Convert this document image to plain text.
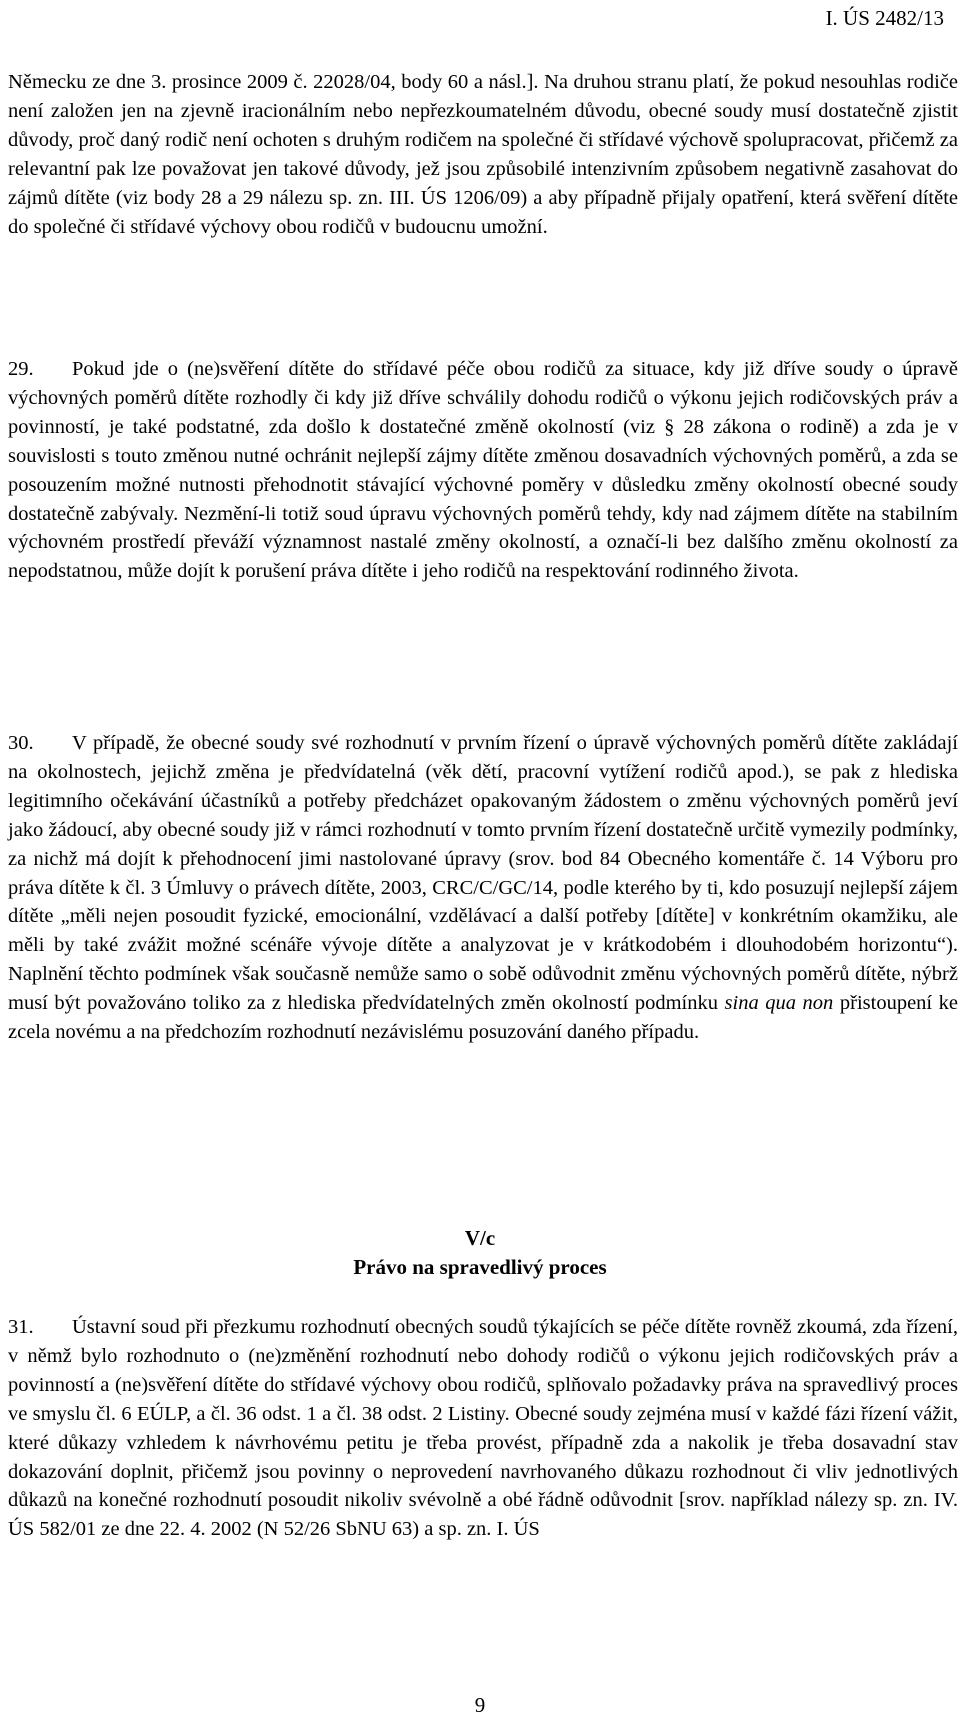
I. ÚS 2482/13
Německu ze dne 3. prosince 2009 č. 22028/04, body 60 a násl.]. Na druhou stranu platí, že pokud nesouhlas rodiče není založen jen na zjevně iracionálním nebo nepřezkoumatelném důvodu, obecné soudy musí dostatečně zjistit důvody, proč daný rodič není ochoten s druhým rodičem na společné či střídavé výchově spolupracovat, přičemž za relevantní pak lze považovat jen takové důvody, jež jsou způsobilé intenzivním způsobem negativně zasahovat do zájmů dítěte (viz body 28 a 29 nálezu sp. zn. III. ÚS 1206/09) a aby případně přijaly opatření, která svěření dítěte do společné či střídavé výchovy obou rodičů v budoucnu umožní.
29. Pokud jde o (ne)svěření dítěte do střídavé péče obou rodičů za situace, kdy již dříve soudy o úpravě výchovných poměrů dítěte rozhodly či kdy již dříve schválily dohodu rodičů o výkonu jejich rodičovských práv a povinností, je také podstatné, zda došlo k dostatečné změně okolností (viz § 28 zákona o rodině) a zda je v souvislosti s touto změnou nutné ochránit nejlepší zájmy dítěte změnou dosavadních výchovných poměrů, a zda se posouzením možné nutnosti přehodnotit stávající výchovné poměry v důsledku změny okolností obecné soudy dostatečně zabývaly. Nezmění-li totiž soud úpravu výchovných poměrů tehdy, kdy nad zájmem dítěte na stabilním výchovném prostředí převáží významnost nastalé změny okolností, a označí-li bez dalšího změnu okolností za nepodstatnou, může dojít k porušení práva dítěte i jeho rodičů na respektování rodinného života.
30. V případě, že obecné soudy své rozhodnutí v prvním řízení o úpravě výchovných poměrů dítěte zakládají na okolnostech, jejichž změna je předvídatelná (věk dětí, pracovní vytížení rodičů apod.), se pak z hlediska legitimního očekávání účastníků a potřeby předcházet opakovaným žádostem o změnu výchovných poměrů jeví jako žádoucí, aby obecné soudy již v rámci rozhodnutí v tomto prvním řízení dostatečně určitě vymezily podmínky, za nichž má dojít k přehodnocení jimi nastolované úpravy (srov. bod 84 Obecného komentáře č. 14 Výboru pro práva dítěte k čl. 3 Úmluvy o právech dítěte, 2003, CRC/C/GC/14, podle kterého by ti, kdo posuzují nejlepší zájem dítěte „měli nejen posoudit fyzické, emocionální, vzdělávací a další potřeby [dítěte] v konkrétním okamžiku, ale měli by také zvážit možné scénáře vývoje dítěte a analyzovat je v krátkodobém i dlouhodobém horizontu“). Naplnění těchto podmínek však současně nemůže samo o sobě odůvodnit změnu výchovných poměrů dítěte, nýbrž musí být považováno toliko za z hlediska předvídatelných změn okolností podmínku sina qua non přistoupení ke zcela novému a na předchozím rozhodnutí nezávislému posuzování daného případu.
V/c
Právo na spravedlivý proces
31. Ústavní soud při přezkumu rozhodnutí obecných soudů týkajících se péče dítěte rovněž zkoumá, zda řízení, v němž bylo rozhodnuto o (ne)změnění rozhodnutí nebo dohody rodičů o výkonu jejich rodičovských práv a povinností a (ne)svěření dítěte do střídavé výchovy obou rodičů, splňovalo požadavky práva na spravedlivý proces ve smyslu čl. 6 EÚLP, a čl. 36 odst. 1 a čl. 38 odst. 2 Listiny. Obecné soudy zejména musí v každé fázi řízení vážit, které důkazy vzhledem k návrhovému petitu je třeba provést, případně zda a nakolik je třeba dosavadní stav dokazování doplnit, přičemž jsou povinny o neprovedení navrhovaného důkazu rozhodnout či vliv jednotlivých důkazů na konečné rozhodnutí posoudit nikoliv svévolně a obé řádně odůvodnit [srov. například nálezy sp. zn. IV. ÚS 582/01 ze dne 22. 4. 2002 (N 52/26 SbNU 63) a sp. zn. I. ÚS
9
